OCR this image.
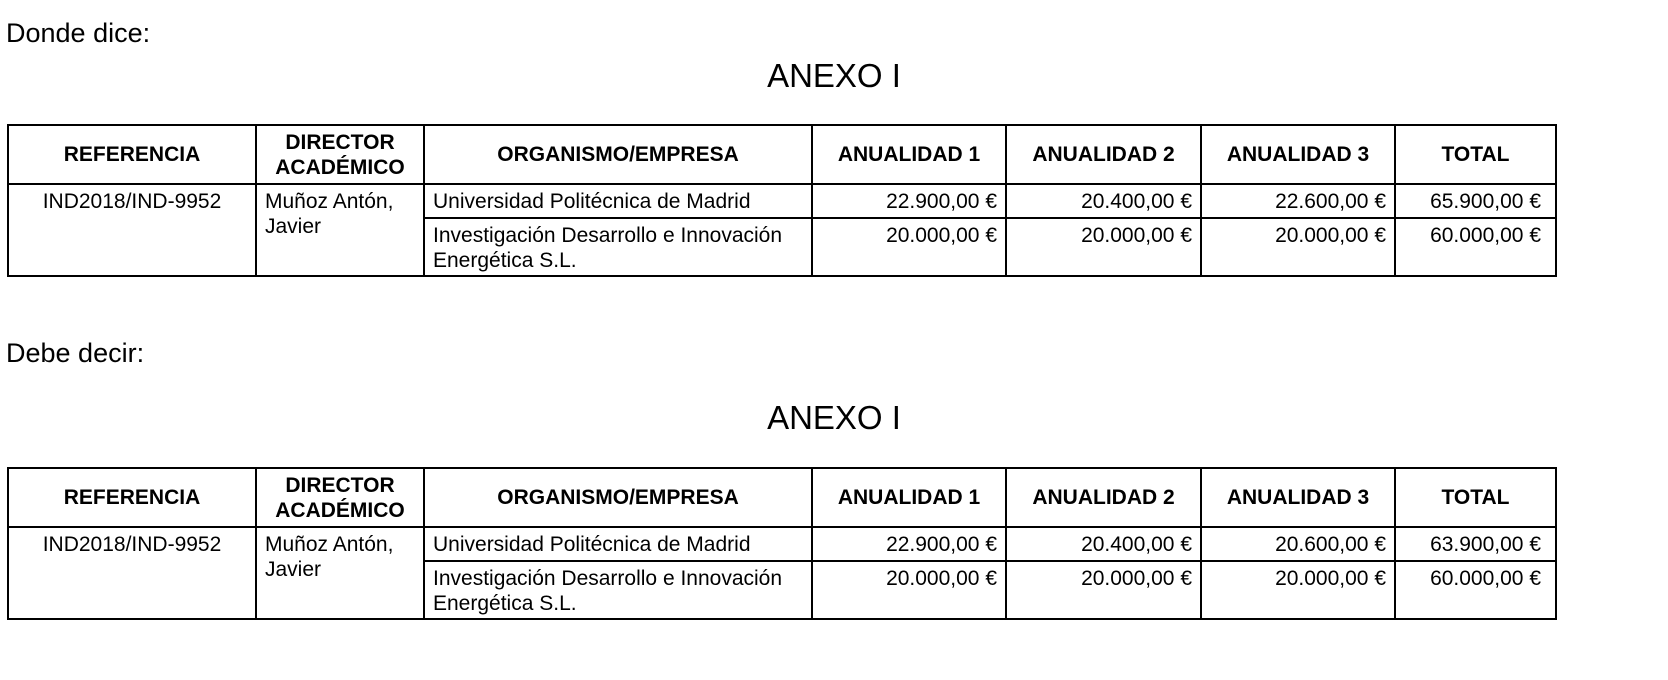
Donde dice:
ANEXO I
REFERENCIA	DIRECTOR ACADÉMICO	ORGANISMO/EMPRESA	ANUALIDAD 1	ANUALIDAD 2	ANUALIDAD 3	TOTAL
IND2018/IND-9952	Muñoz Antón, Javier	Universidad Politécnica de Madrid	22.900,00 €	20.400,00 €	22.600,00 €	65.900,00 €
		Investigación Desarrollo e Innovación Energética S.L.	20.000,00 €	20.000,00 €	20.000,00 €	60.000,00 €
Debe decir:
ANEXO I
REFERENCIA	DIRECTOR ACADÉMICO	ORGANISMO/EMPRESA	ANUALIDAD 1	ANUALIDAD 2	ANUALIDAD 3	TOTAL
IND2018/IND-9952	Muñoz Antón, Javier	Universidad Politécnica de Madrid	22.900,00 €	20.400,00 €	20.600,00 €	63.900,00 €
		Investigación Desarrollo e Innovación Energética S.L.	20.000,00 €	20.000,00 €	20.000,00 €	60.000,00 €
